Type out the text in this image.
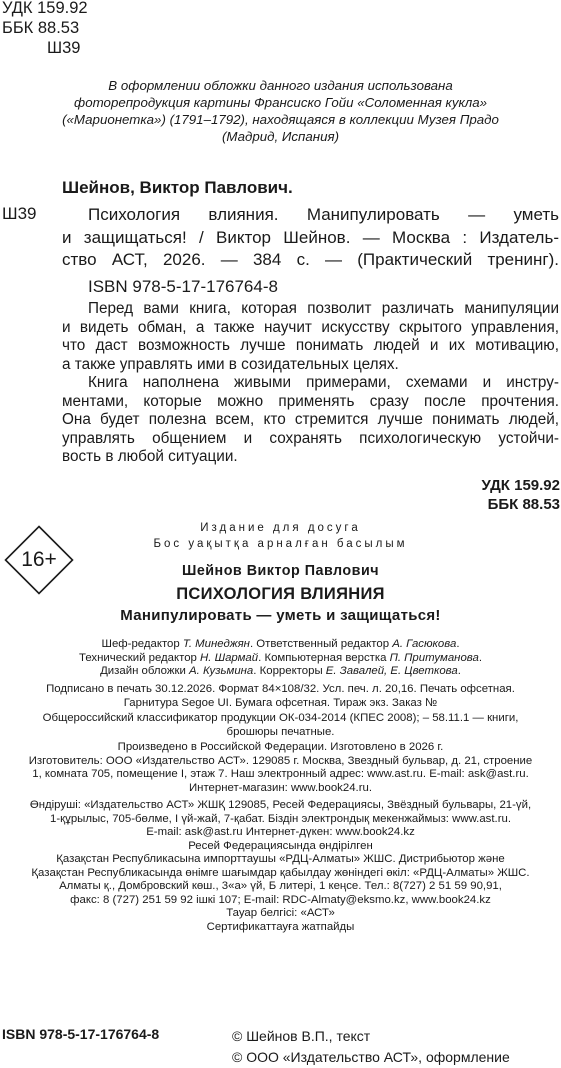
УДК 159.92
ББК 88.53
Ш39
В оформлении обложки данного издания использована
фоторепродукция картины Франсиско Гойи «Соломенная кукла»
(«Марионетка») (1791–1792), находящаяся в коллекции Музея Прадо
(Мадрид, Испания)
Шейнов, Виктор Павлович.
Ш39	Психология влияния. Манипулировать — уметь
и защищаться! / Виктор Шейнов. — Москва : Издатель-
ство АСТ, 2026. — 384 с. — (Практический тренинг).
ISBN 978-5-17-176764-8
Перед вами книга, которая позволит различать манипуляции
и видеть обман, а также научит искусству скрытого управления,
что даст возможность лучше понимать людей и их мотивацию,
а также управлять ими в созидательных целях.
Книга наполнена живыми примерами, схемами и инстру-
ментами, которые можно применять сразу после прочтения.
Она будет полезна всем, кто стремится лучше понимать людей,
управлять общением и сохранять психологическую устойчи-
вость в любой ситуации.
УДК 159.92
ББК 88.53
16+
Издание для досуга
Бос уақытқа арналған басылым
Шейнов Виктор Павлович
ПСИХОЛОГИЯ ВЛИЯНИЯ
Манипулировать — уметь и защищаться!
Шеф-редактор Т. Минеджян. Ответственный редактор А. Гасюкова.
Технический редактор Н. Шармай. Компьютерная верстка П. Притуманова.
Дизайн обложки А. Кузьмина. Корректоры Е. Завалей, Е. Цветкова.
Подписано в печать 30.12.2026. Формат 84×108/32. Усл. печ. л. 20,16. Печать офсетная.
Гарнитура Segoe UI. Бумага офсетная. Тираж экз. Заказ №
Общероссийский классификатор продукции ОК-034-2014 (КПЕС 2008); – 58.11.1 — книги,
брошюры печатные.
Произведено в Российской Федерации. Изготовлено в 2026 г.
Изготовитель: ООО «Издательство АСТ». 129085 г. Москва, Звездный бульвар, д. 21, строение
1, комната 705, помещение I, этаж 7. Наш электронный адрес: www.ast.ru. E-mail: ask@ast.ru.
Интернет-магазин: www.book24.ru.
Өндіруші: «Издательство АСТ» ЖШҚ 129085, Ресей Федерациясы, Звёздный бульвары, 21-үй,
1-құрылыс, 705-бөлме, I үй-жай, 7-қабат. Біздін электрондық мекенжаймыз: www.ast.ru.
E-mail: ask@ast.ru Интернет-дүкен: www.book24.kz
Ресей Федерациясында өндірілген
Қазақстан Республикасына импорттаушы «РДЦ-Алматы» ЖШС. Дистрибьютор және
Қазақстан Республикасында өнімге шағымдар қабылдау жөніндегі өкіл: «РДЦ-Алматы» ЖШС.
Алматы қ., Домбровский көш., 3«а» үй, Б литері, 1 кеңсе. Тел.: 8(727) 2 51 59 90,91,
факс: 8 (727) 251 59 92 ішкі 107; E-mail: RDC-Almaty@eksmo.kz, www.book24.kz
Тауар белгісі: «АСТ»
Сертификаттауға жатпайды
ISBN 978-5-17-176764-8	© Шейнов В.П., текст
© ООО «Издательство АСТ», оформление
